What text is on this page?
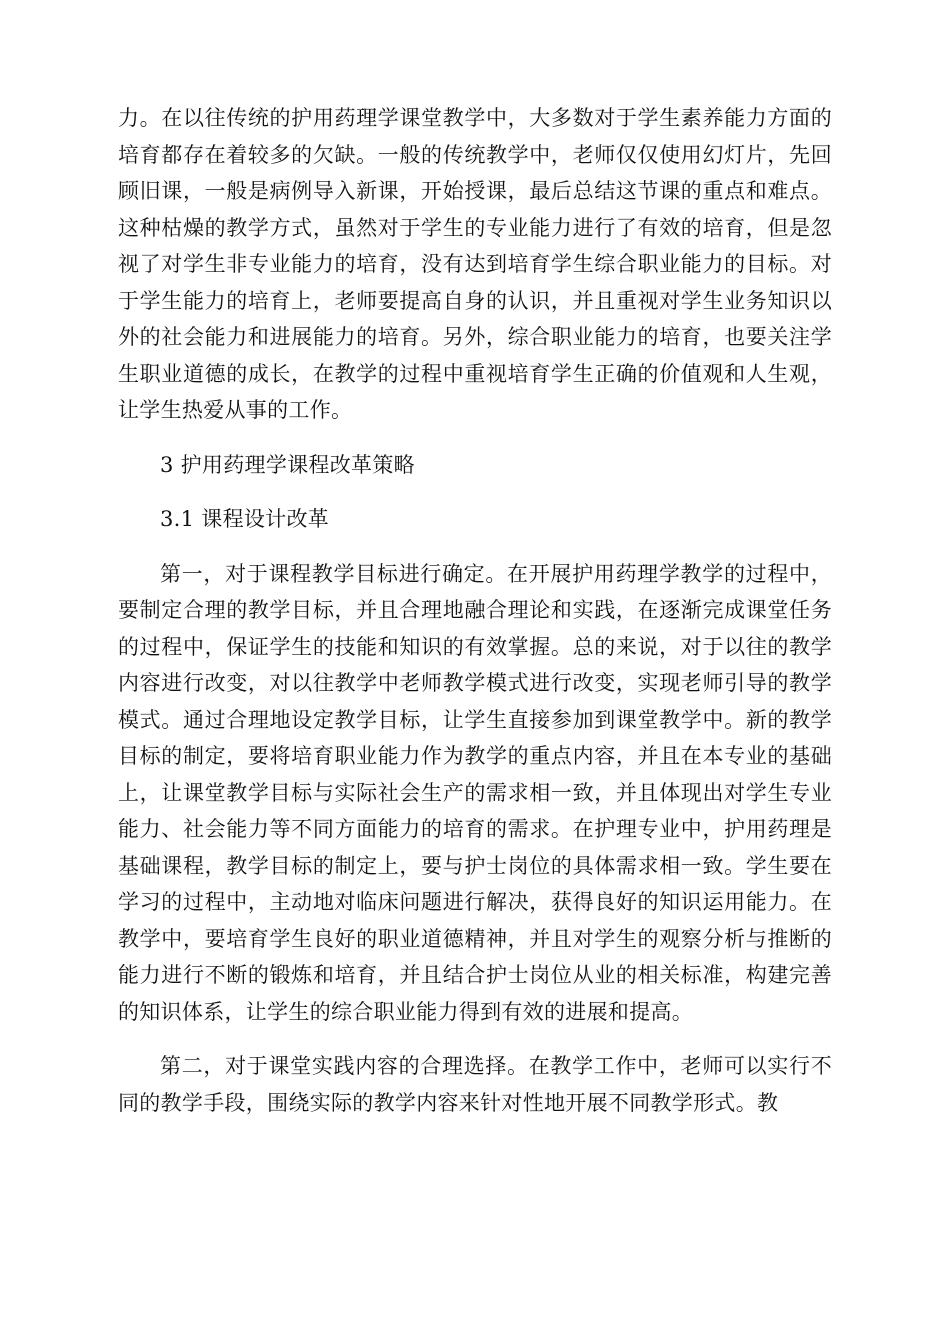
力。在以往传统的护用药理学课堂教学中，大多数对于学生素养能力方面的培育都存在着较多的欠缺。一般的传统教学中，老师仅仅使用幻灯片，先回顾旧课，一般是病例导入新课，开始授课，最后总结这节课的重点和难点。这种枯燥的教学方式，虽然对于学生的专业能力进行了有效的培育，但是忽视了对学生非专业能力的培育，没有达到培育学生综合职业能力的目标。对于学生能力的培育上，老师要提高自身的认识，并且重视对学生业务知识以外的社会能力和进展能力的培育。另外，综合职业能力的培育，也要关注学生职业道德的成长，在教学的过程中重视培育学生正确的价值观和人生观，让学生热爱从事的工作。

3 护用药理学课程改革策略

3.1 课程设计改革

第一，对于课程教学目标进行确定。在开展护用药理学教学的过程中，要制定合理的教学目标，并且合理地融合理论和实践，在逐渐完成课堂任务的过程中，保证学生的技能和知识的有效掌握。总的来说，对于以往的教学内容进行改变，对以往教学中老师教学模式进行改变，实现老师引导的教学模式。通过合理地设定教学目标，让学生直接参加到课堂教学中。新的教学目标的制定，要将培育职业能力作为教学的重点内容，并且在本专业的基础上，让课堂教学目标与实际社会生产的需求相一致，并且体现出对学生专业能力、社会能力等不同方面能力的培育的需求。在护理专业中，护用药理是基础课程，教学目标的制定上，要与护士岗位的具体需求相一致。学生要在学习的过程中，主动地对临床问题进行解决，获得良好的知识运用能力。在教学中，要培育学生良好的职业道德精神，并且对学生的观察分析与推断的能力进行不断的锻炼和培育，并且结合护士岗位从业的相关标准，构建完善的知识体系，让学生的综合职业能力得到有效的进展和提高。

第二，对于课堂实践内容的合理选择。在教学工作中，老师可以实行不同的教学手段，围绕实际的教学内容来针对性地开展不同教学形式。教
